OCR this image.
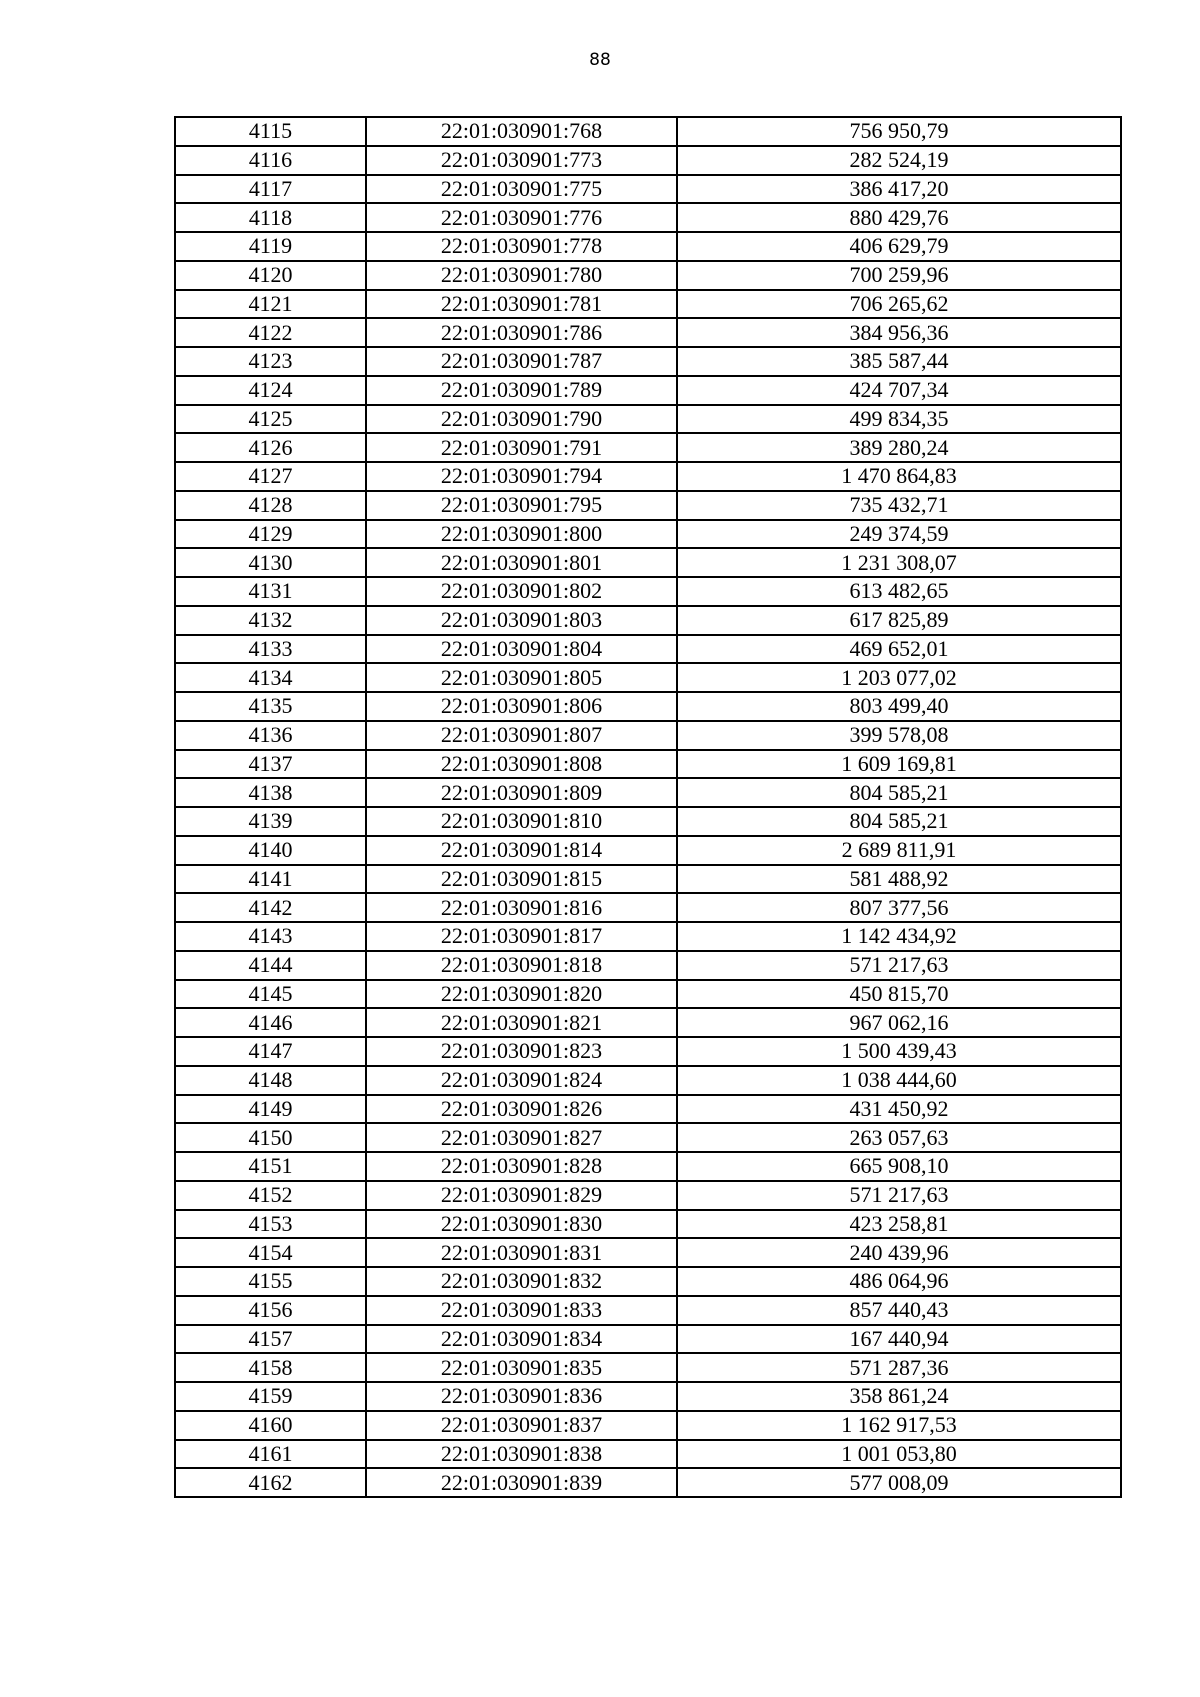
88
4115	22:01:030901:768	756 950,79
4116	22:01:030901:773	282 524,19
4117	22:01:030901:775	386 417,20
4118	22:01:030901:776	880 429,76
4119	22:01:030901:778	406 629,79
4120	22:01:030901:780	700 259,96
4121	22:01:030901:781	706 265,62
4122	22:01:030901:786	384 956,36
4123	22:01:030901:787	385 587,44
4124	22:01:030901:789	424 707,34
4125	22:01:030901:790	499 834,35
4126	22:01:030901:791	389 280,24
4127	22:01:030901:794	1 470 864,83
4128	22:01:030901:795	735 432,71
4129	22:01:030901:800	249 374,59
4130	22:01:030901:801	1 231 308,07
4131	22:01:030901:802	613 482,65
4132	22:01:030901:803	617 825,89
4133	22:01:030901:804	469 652,01
4134	22:01:030901:805	1 203 077,02
4135	22:01:030901:806	803 499,40
4136	22:01:030901:807	399 578,08
4137	22:01:030901:808	1 609 169,81
4138	22:01:030901:809	804 585,21
4139	22:01:030901:810	804 585,21
4140	22:01:030901:814	2 689 811,91
4141	22:01:030901:815	581 488,92
4142	22:01:030901:816	807 377,56
4143	22:01:030901:817	1 142 434,92
4144	22:01:030901:818	571 217,63
4145	22:01:030901:820	450 815,70
4146	22:01:030901:821	967 062,16
4147	22:01:030901:823	1 500 439,43
4148	22:01:030901:824	1 038 444,60
4149	22:01:030901:826	431 450,92
4150	22:01:030901:827	263 057,63
4151	22:01:030901:828	665 908,10
4152	22:01:030901:829	571 217,63
4153	22:01:030901:830	423 258,81
4154	22:01:030901:831	240 439,96
4155	22:01:030901:832	486 064,96
4156	22:01:030901:833	857 440,43
4157	22:01:030901:834	167 440,94
4158	22:01:030901:835	571 287,36
4159	22:01:030901:836	358 861,24
4160	22:01:030901:837	1 162 917,53
4161	22:01:030901:838	1 001 053,80
4162	22:01:030901:839	577 008,09
